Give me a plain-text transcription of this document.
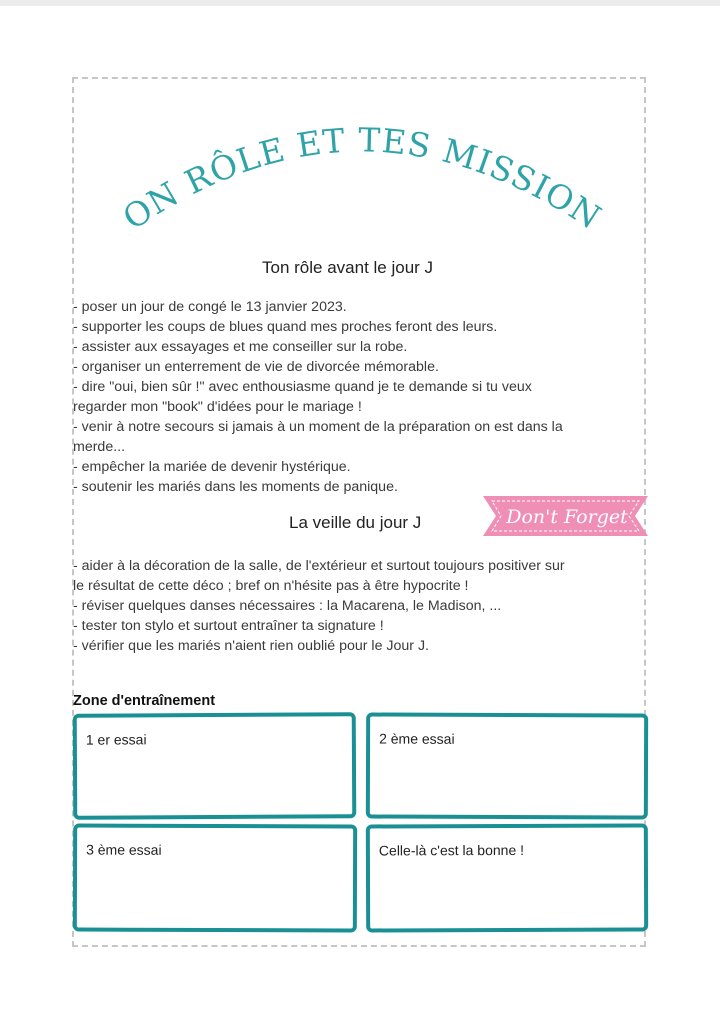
TON RÔLE ET TES MISSIONS
Ton rôle avant le jour J
- poser un jour de congé le 13 janvier 2023.
- supporter les coups de blues quand mes proches feront des leurs.
- assister aux essayages et me conseiller sur la robe.
- organiser un enterrement de vie de divorcée mémorable.
- dire "oui, bien sûr !" avec enthousiasme quand je te demande si tu veux
regarder mon "book" d'idées pour le mariage !
- venir à notre secours si jamais à un moment de la préparation on est dans la
merde...
- empêcher la mariée de devenir hystérique.
- soutenir les mariés dans les moments de panique.
Don't Forget
La veille du jour J
- aider à la décoration de la salle, de l'extérieur et surtout toujours positiver sur
le résultat de cette déco ; bref on n'hésite pas à être hypocrite !
- réviser quelques danses nécessaires : la Macarena, le Madison, ...
- tester ton stylo et surtout entraîner ta signature !
- vérifier que les mariés n'aient rien oublié pour le Jour J.
Zone d'entraînement
1 er essai	2 ème essai
3 ème essai	Celle-là c'est la bonne !
